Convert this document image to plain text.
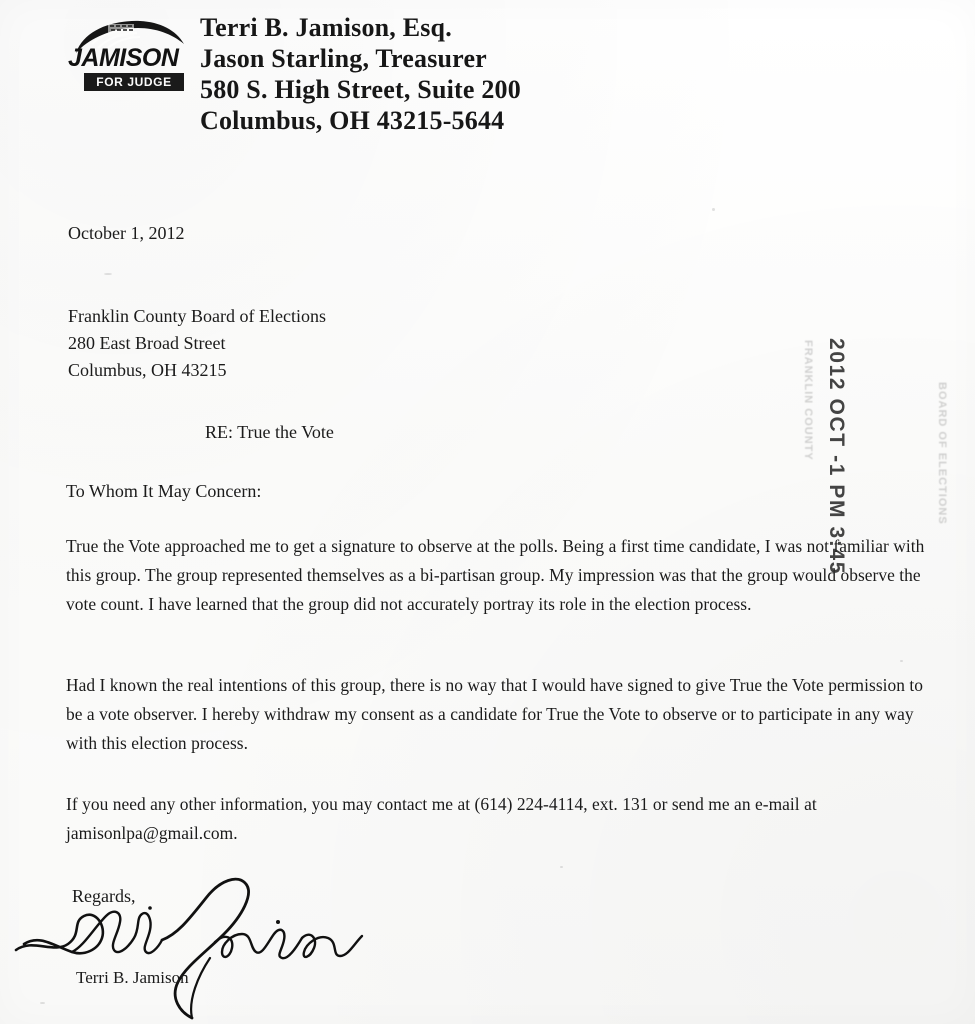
JAMISON
FOR JUDGE
Terri B. Jamison, Esq.
Jason Starling, Treasurer
580 S. High Street, Suite 200
Columbus, OH 43215-5644
October 1, 2012
Franklin County Board of Elections
280 East Broad Street
Columbus, OH 43215
RE: True the Vote
To Whom It May Concern:
True the Vote approached me to get a signature to observe at the polls. Being a first time candidate, I was not familiar with this group. The group represented themselves as a bi-partisan group. My impression was that the group would observe the vote count. I have learned that the group did not accurately portray its role in the election process.
Had I known the real intentions of this group, there is no way that I would have signed to give True the Vote permission to be a vote observer. I hereby withdraw my consent as a candidate for True the Vote to observe or to participate in any way with this election process.
If you need any other information, you may contact me at (614) 224-4114, ext. 131 or send me an e-mail at jamisonlpa@gmail.com.
Regards,
Terri B. Jamison
2012 OCT -1 PM 3:45
FRANKLIN COUNTY	BOARD OF ELECTIONS
